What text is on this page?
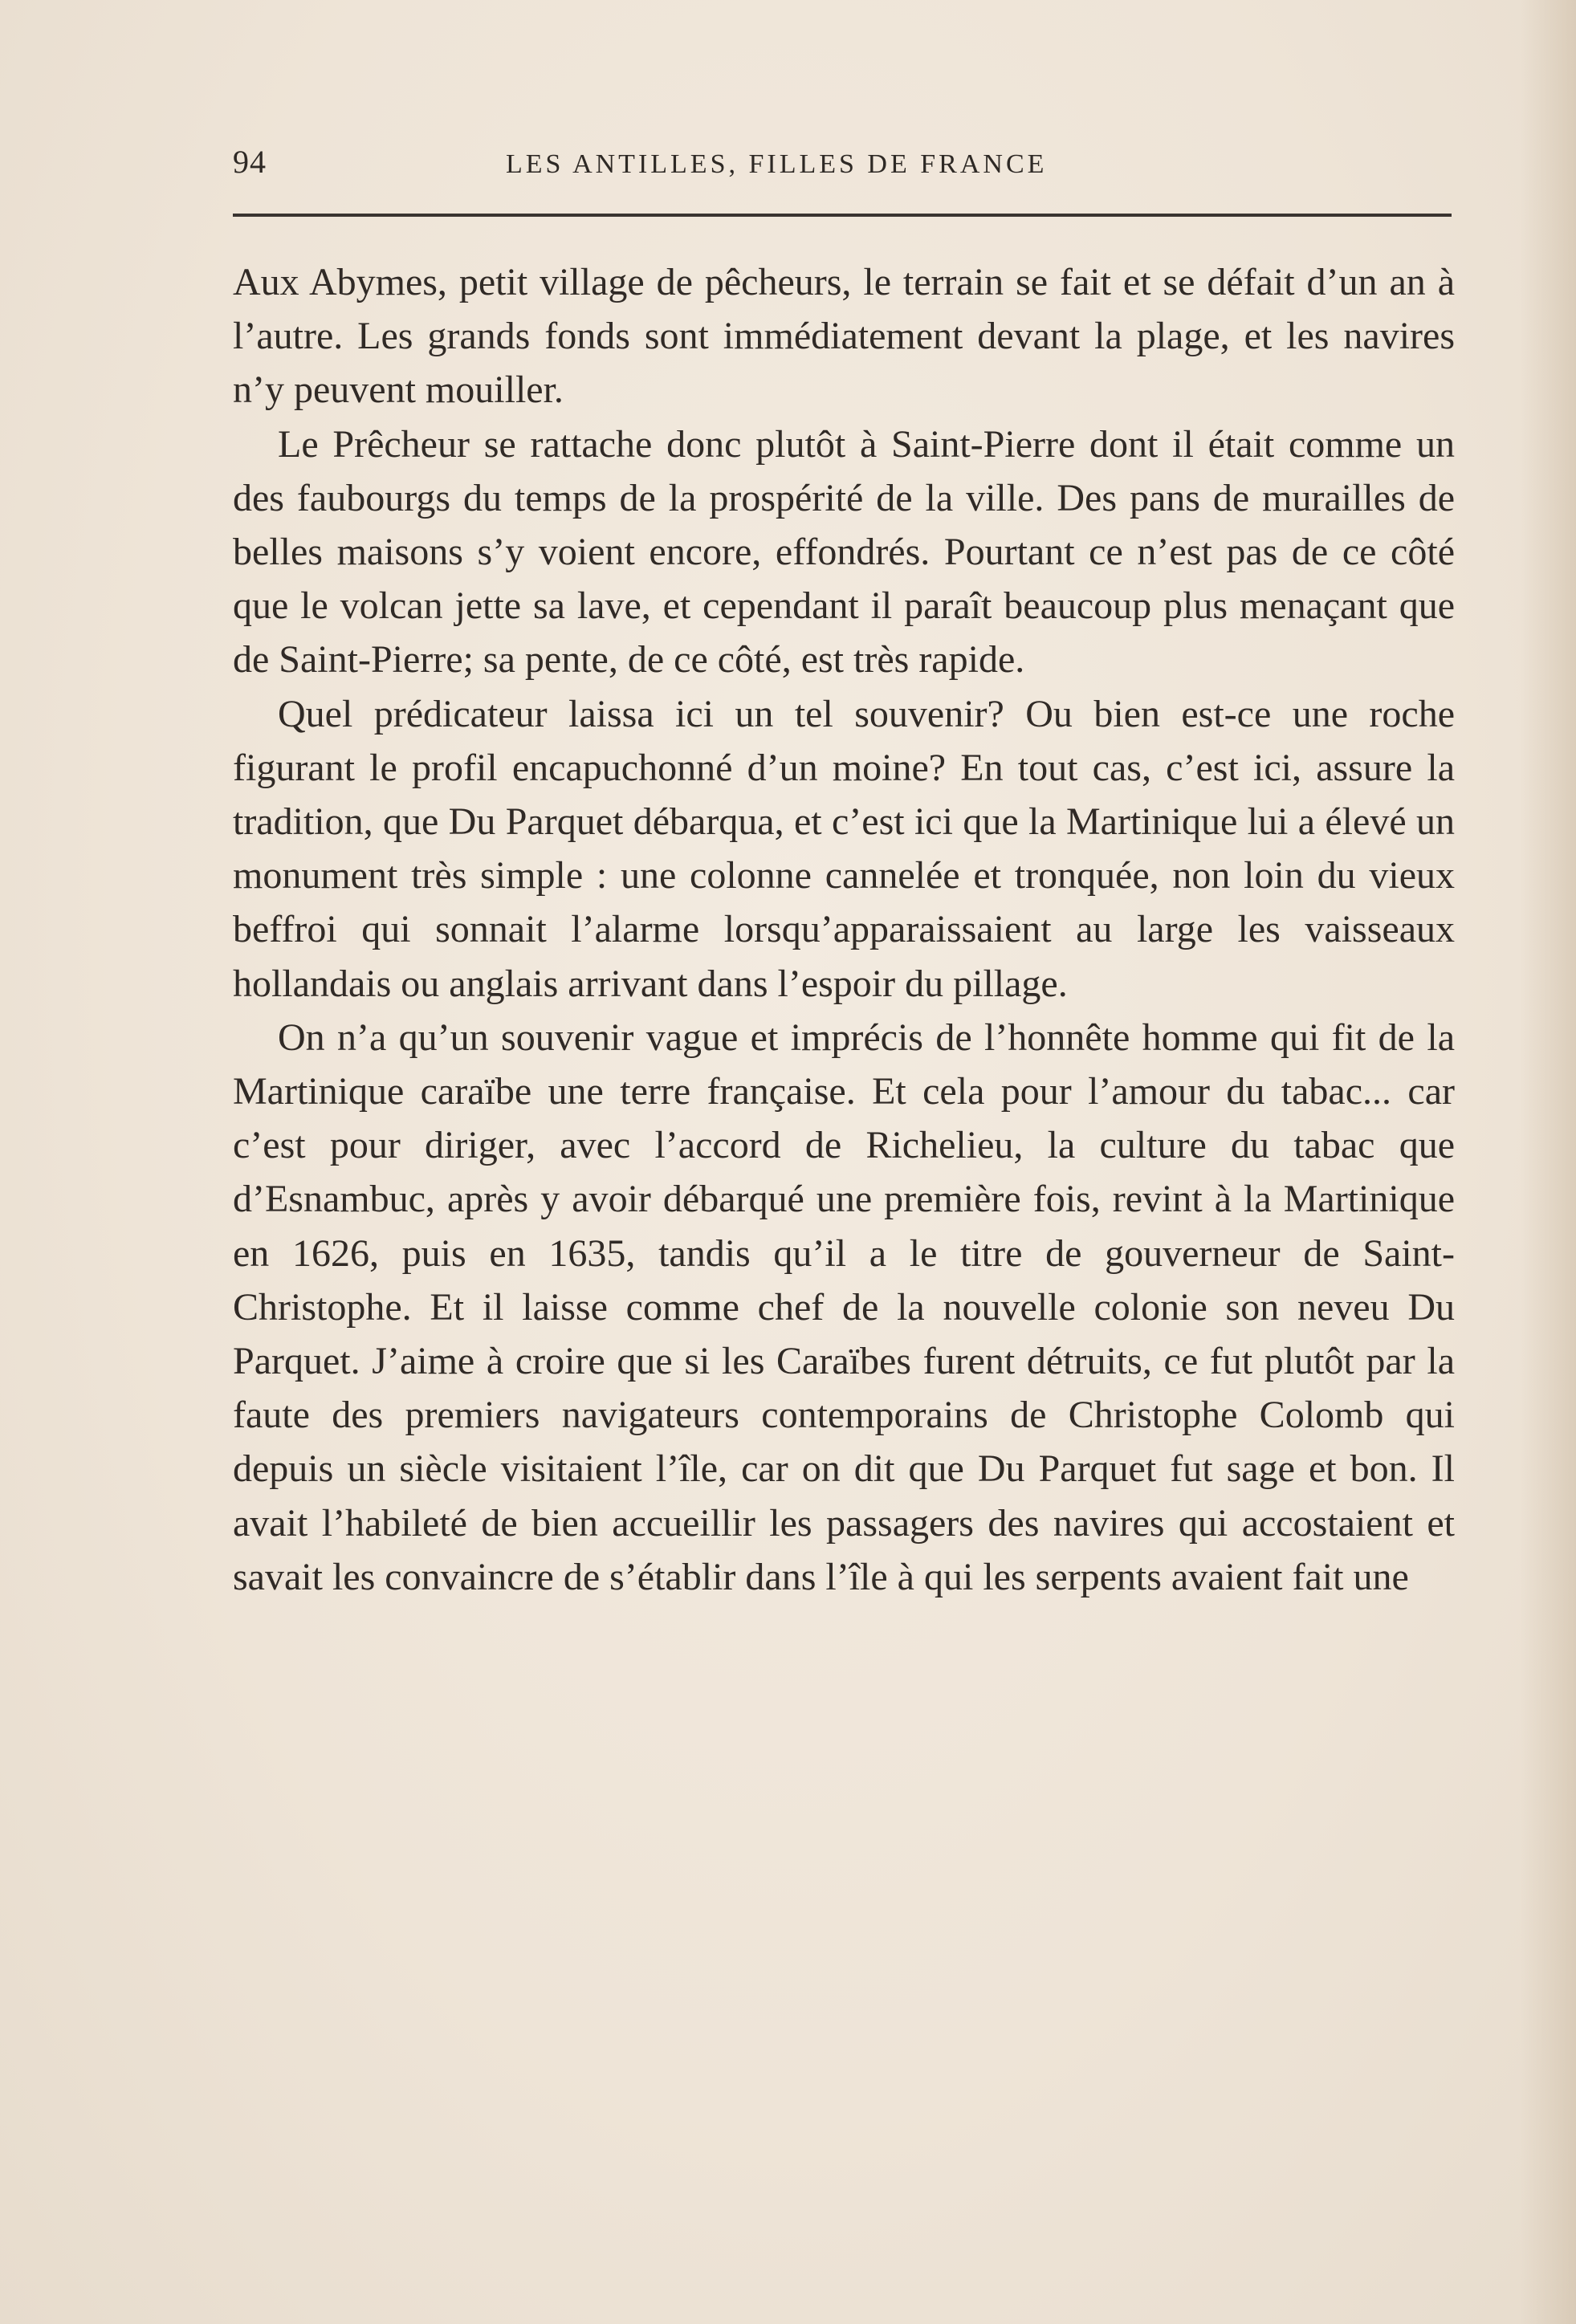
94	LES ANTILLES, FILLES DE FRANCE

Aux Abymes, petit village de pêcheurs, le terrain se fait et se défait d’un an à l’autre. Les grands fonds sont immédiatement devant la plage, et les navires n’y peuvent mouiller.

Le Prêcheur se rattache donc plutôt à Saint-Pierre dont il était comme un des faubourgs du temps de la prospérité de la ville. Des pans de murailles de belles maisons s’y voient encore, effondrés. Pourtant ce n’est pas de ce côté que le volcan jette sa lave, et cependant il paraît beaucoup plus menaçant que de Saint-Pierre; sa pente, de ce côté, est très rapide.

Quel prédicateur laissa ici un tel souvenir? Ou bien est-ce une roche figurant le profil encapuchonné d’un moine? En tout cas, c’est ici, assure la tradition, que Du Parquet débarqua, et c’est ici que la Martinique lui a élevé un monument très simple : une colonne cannelée et tronquée, non loin du vieux beffroi qui sonnait l’alarme lorsqu’apparaissaient au large les vaisseaux hollandais ou anglais arrivant dans l’espoir du pillage.

On n’a qu’un souvenir vague et imprécis de l’honnête homme qui fit de la Martinique caraïbe une terre française. Et cela pour l’amour du tabac... car c’est pour diriger, avec l’accord de Richelieu, la culture du tabac que d’Esnambuc, après y avoir débarqué une première fois, revint à la Martinique en 1626, puis en 1635, tandis qu’il a le titre de gouverneur de Saint-Christophe. Et il laisse comme chef de la nouvelle colonie son neveu Du Parquet. J’aime à croire que si les Caraïbes furent détruits, ce fut plutôt par la faute des premiers navigateurs contemporains de Christophe Colomb qui depuis un siècle visitaient l’île, car on dit que Du Parquet fut sage et bon. Il avait l’habileté de bien accueillir les passagers des navires qui accostaient et savait les convaincre de s’établir dans l’île à qui les serpents avaient fait une
